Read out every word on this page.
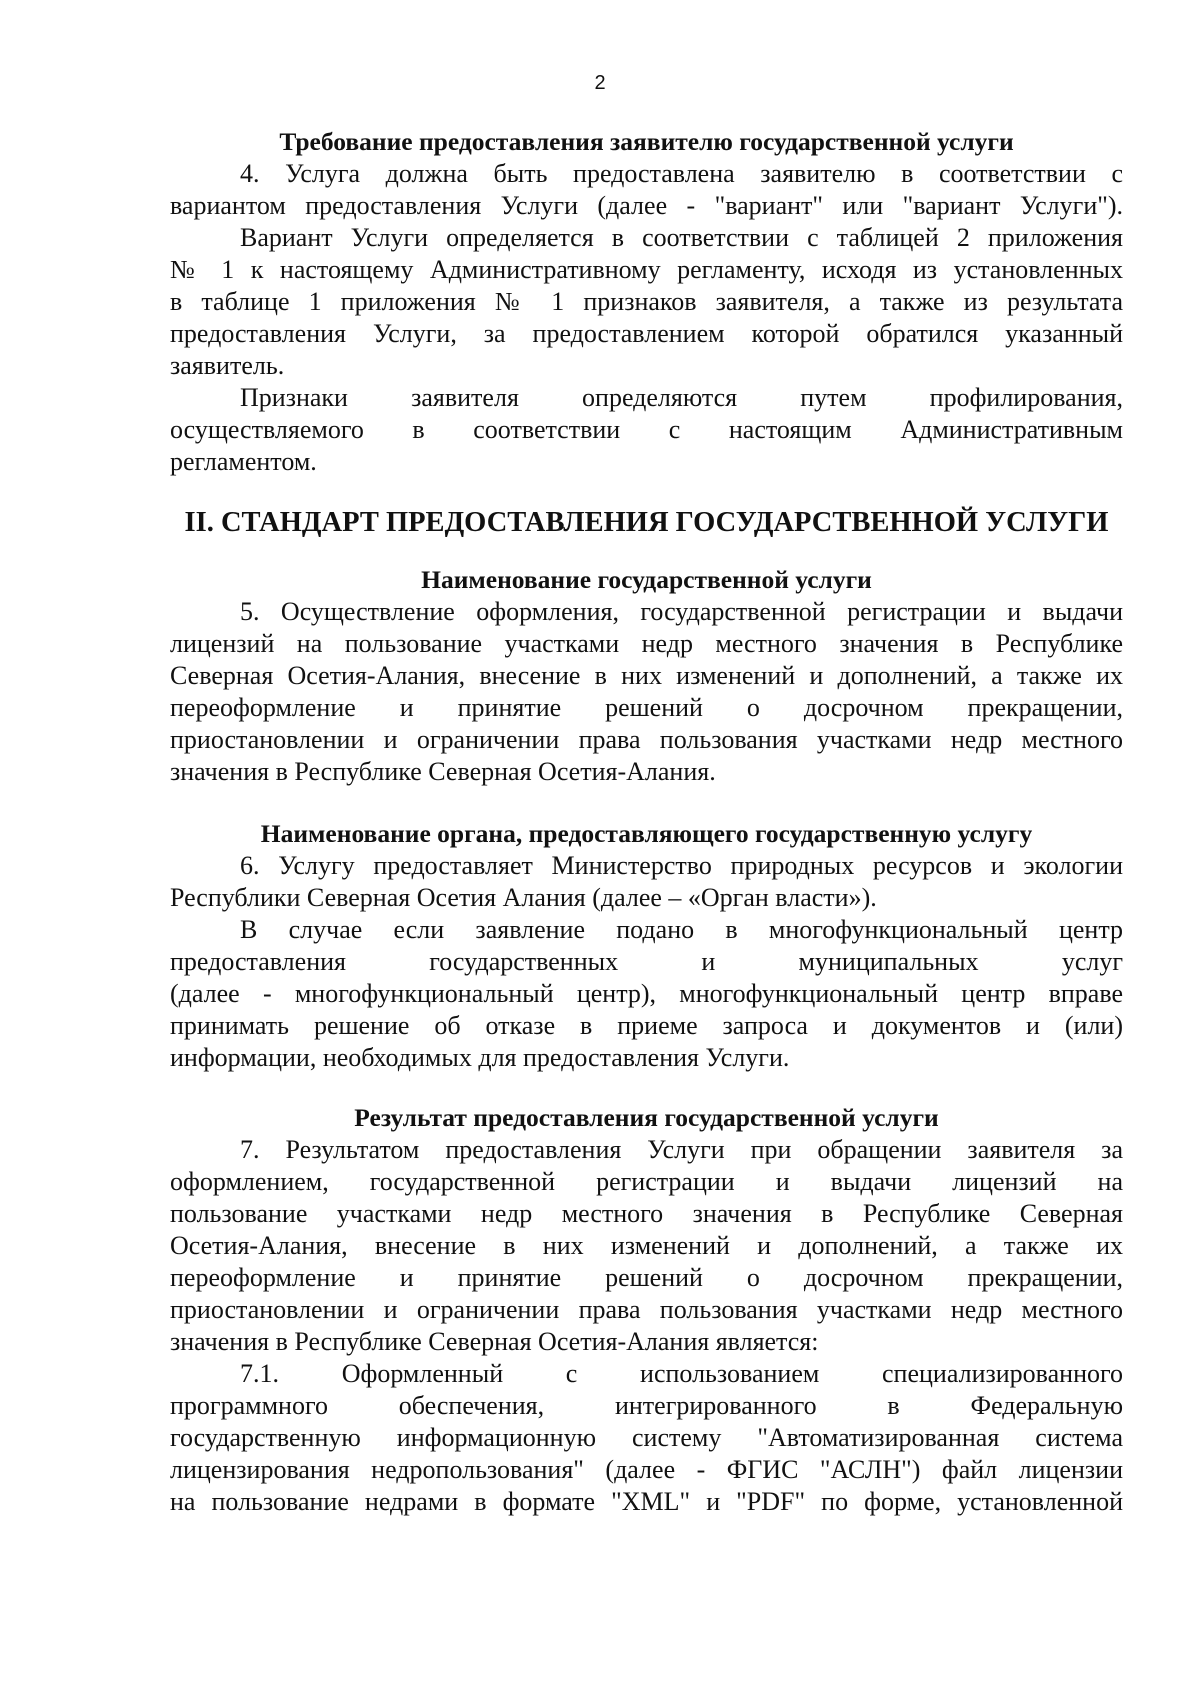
2
Требование предоставления заявителю государственной услуги
4. Услуга должна быть предоставлена заявителю в соответствии с
вариантом предоставления Услуги (далее - "вариант" или "вариант Услуги").
Вариант Услуги определяется в соответствии с таблицей 2 приложения
№ 1 к настоящему Административному регламенту, исходя из установленных
в таблице 1 приложения № 1 признаков заявителя, а также из результата
предоставления Услуги, за предоставлением которой обратился указанный
заявитель.
Признаки заявителя определяются путем профилирования,
осуществляемого в соответствии с настоящим Административным
регламентом.
II. СТАНДАРТ ПРЕДОСТАВЛЕНИЯ ГОСУДАРСТВЕННОЙ УСЛУГИ
Наименование государственной услуги
5. Осуществление оформления, государственной регистрации и выдачи
лицензий на пользование участками недр местного значения в Республике
Северная Осетия-Алания, внесение в них изменений и дополнений, а также их
переоформление и принятие решений о досрочном прекращении,
приостановлении и ограничении права пользования участками недр местного
значения в Республике Северная Осетия-Алания.
Наименование органа, предоставляющего государственную услугу
6. Услугу предоставляет Министерство природных ресурсов и экологии
Республики Северная Осетия Алания (далее – «Орган власти»).
В случае если заявление подано в многофункциональный центр
предоставления государственных и муниципальных услуг
(далее - многофункциональный центр), многофункциональный центр вправе
принимать решение об отказе в приеме запроса и документов и (или)
информации, необходимых для предоставления Услуги.
Результат предоставления государственной услуги
7. Результатом предоставления Услуги при обращении заявителя за
оформлением, государственной регистрации и выдачи лицензий на
пользование участками недр местного значения в Республике Северная
Осетия-Алания, внесение в них изменений и дополнений, а также их
переоформление и принятие решений о досрочном прекращении,
приостановлении и ограничении права пользования участками недр местного
значения в Республике Северная Осетия-Алания является:
7.1. Оформленный с использованием специализированного
программного обеспечения, интегрированного в Федеральную
государственную информационную систему "Автоматизированная система
лицензирования недропользования" (далее - ФГИС "АСЛН") файл лицензии
на пользование недрами в формате "XML" и "PDF" по форме, установленной
